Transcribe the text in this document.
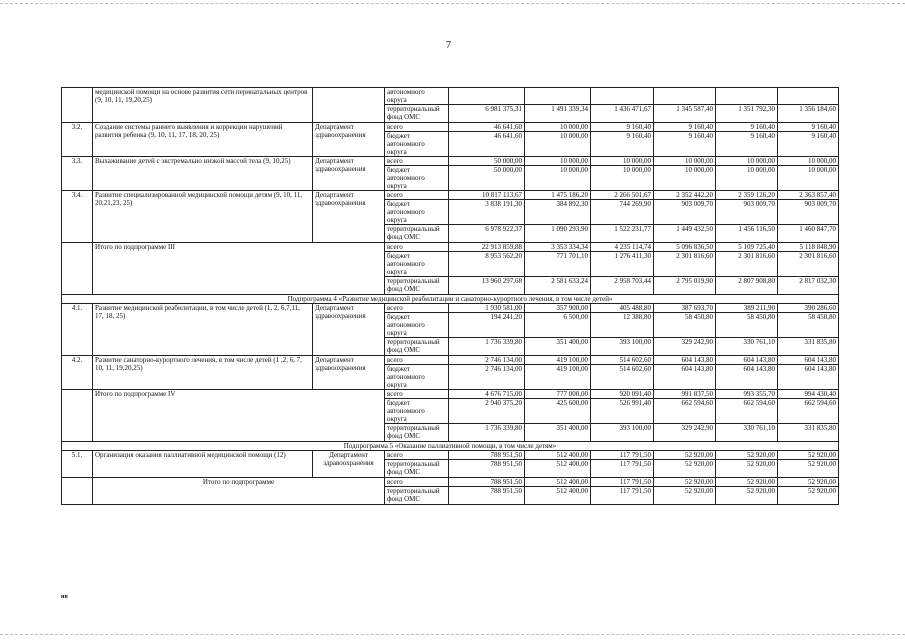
7
	медицинской помощи на основе развития сети перинатальных центров (9, 10, 11, 19,20,25)		автономного округа						
			территориальный фонд ОМС	6 981 375,31	1 491 339,34	1 436 471,67	1 345 587,40	1 351 792,30	1 356 184,60

3.2.	Создание системы раннего выявления и коррекции нарушений развития ребенка (9, 10, 11, 17, 18, 20, 25)	Департамент здравоохранения	всего	46 641,60	10 000,00	9 160,40	9 160,40	9 160,40	9 160,40
			бюджет автономного округа	46 641,60	10 000,00	9 160,40	9 160,40	9 160,40	9 160,40
3.3.	Выхаживание детей с экстремально низкой массой тела (9, 10,25)	Департамент здравоохранения	всего	50 000,00	10 000,00	10 000,00	10 000,00	10 000,00	10 000,00
			бюджет автономного округа	50 000,00	10 000,00	10 000,00	10 000,00	10 000,00	10 000,00
3.4.	Развитие специализированной медицинской помощи детям (9, 10, 11, 20,21,23, 25)	Департамент здравоохранения	всего	10 817 113,67	1 475 186,20	2 266 501,67	2 352 442,20	2 359 126,20	2 363 857,40
			бюджет автономного округа	3 838 191,30	384 892,30	744 269,90	903 009,70	903 009,70	903 009,70
			территориальный фонд ОМС	6 978 922,37	1 090 293,90	1 522 231,77	1 449 432,50	1 456 116,50	1 460 847,70
	Итого по подпрограмме III		всего	22 913 859,88	3 353 334,34	4 235 114,74	5 096 836,50	5 109 725,40	5 118 848,90
			бюджет автономного округа	8 953 562,20	771 701,10	1 276 411,30	2 301 816,60	2 301 816,60	2 301 816,60
			территориальный фонд ОМС	13 960 297,68	2 581 633,24	2 958 703,44	2 795 019,90	2 807 908,80	2 817 032,30
Подпрограмма 4 «Развитие медицинской реабилитации и санаторно-курортного лечения, в том числе детей»									
4.1.	Развитие медицинской реабилитации, в том числе детей (1, 2, 6,7,11, 17, 18, 25)	Департамент здравоохранения	всего	1 930 581,00	357 900,00	405 488,80	387 693,70	389 211,90	390 286,60
			бюджет автономного округа	194 241,20	6 500,00	12 388,80	58 450,80	58 450,80	58 450,80
			территориальный фонд ОМС	1 736 339,80	351 400,00	393 100,00	329 242,90	330 761,10	331 835,80
4.2.	Развитие санаторно-курортного лечения, в том числе детей (1 ,2, 6, 7, 10, 11, 19,20,25)	Департамент здравоохранения	всего	2 746 134,00	419 100,00	514 602,60	604 143,80	604 143,80	604 143,80
			бюджет автономного округа	2 746 134,00	419 100,00	514 602,60	604 143,80	604 143,80	604 143,80
	Итого по подпрограмме IV		всего	4 676 715,00	777 000,00	920 091,40	991 837,50	993 355,70	994 430,40
			бюджет автономного округа	2 940 375,20	425 600,00	526 991,40	662 594,60	662 594,60	662 594,60
			территориальный фонд ОМС	1 736 339,80	351 400,00	393 100,00	329 242,90	330 761,10	331 835,80
Подпрограмма 5 «Оказание паллиативной помощи, в том числе детям»									
5.1.	Организация оказания паллиативной медицинской помощи (12)	Департамент здравоохранения	всего	788 951,50	512 400,00	117 791,50	52 920,00	52 920,00	52 920,00
			территориальный фонд ОМС	788 951,50	512 400,00	117 791,50	52 920,00	52 920,00	52 920,00
	Итого по подпрограмме		всего	788 951,50	512 400,00	117 791,50	52 920,00	52 920,00	52 920,00
			территориальный фонд ОМС	788 951,50	512 400,00	117 791,50	52 920,00	52 920,00	52 920,00
нв
